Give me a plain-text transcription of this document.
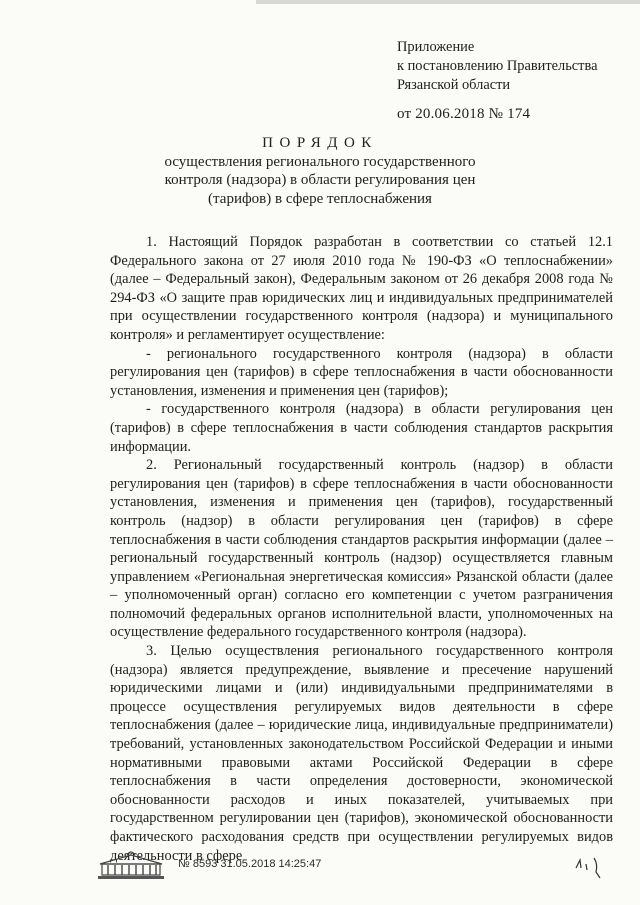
Приложение
к постановлению Правительства
Рязанской области
от 20.06.2018 № 174
ПОРЯДОК
осуществления регионального государственного
контроля (надзора) в области регулирования цен
(тарифов) в сфере теплоснабжения

1. Настоящий Порядок разработан в соответствии со статьей 12.1 Федерального закона от 27 июля 2010 года № 190-ФЗ «О теплоснабжении» (далее – Федеральный закон), Федеральным законом от 26 декабря 2008 года № 294-ФЗ «О защите прав юридических лиц и индивидуальных предпринимателей при осуществлении государственного контроля (надзора) и муниципального контроля» и регламентирует осуществление:

- регионального государственного контроля (надзора) в области регулирования цен (тарифов) в сфере теплоснабжения в части обоснованности установления, изменения и применения цен (тарифов);

- государственного контроля (надзора) в области регулирования цен (тарифов) в сфере теплоснабжения в части соблюдения стандартов раскрытия информации.

2. Региональный государственный контроль (надзор) в области регулирования цен (тарифов) в сфере теплоснабжения в части обоснованности установления, изменения и применения цен (тарифов), государственный контроль (надзор) в области регулирования цен (тарифов) в сфере теплоснабжения в части соблюдения стандартов раскрытия информации (далее – региональный государственный контроль (надзор) осуществляется главным управлением «Региональная энергетическая комиссия» Рязанской области (далее – уполномоченный орган) согласно его компетенции с учетом разграничения полномочий федеральных органов исполнительной власти, уполномоченных на осуществление федерального государственного контроля (надзора).

3. Целью осуществления регионального государственного контроля (надзора) является предупреждение, выявление и пресечение нарушений юридическими лицами и (или) индивидуальными предпринимателями в процессе осуществления регулируемых видов деятельности в сфере теплоснабжения (далее – юридические лица, индивидуальные предприниматели) требований, установленных законодательством Российской Федерации и иными нормативными правовыми актами Российской Федерации в сфере теплоснабжения в части определения достоверности, экономической обоснованности расходов и иных показателей, учитываемых при государственном регулировании цен (тарифов), экономической обоснованности фактического расходования средств при осуществлении регулируемых видов деятельности в сфере

№ 8593 31.05.2018 14:25:47
